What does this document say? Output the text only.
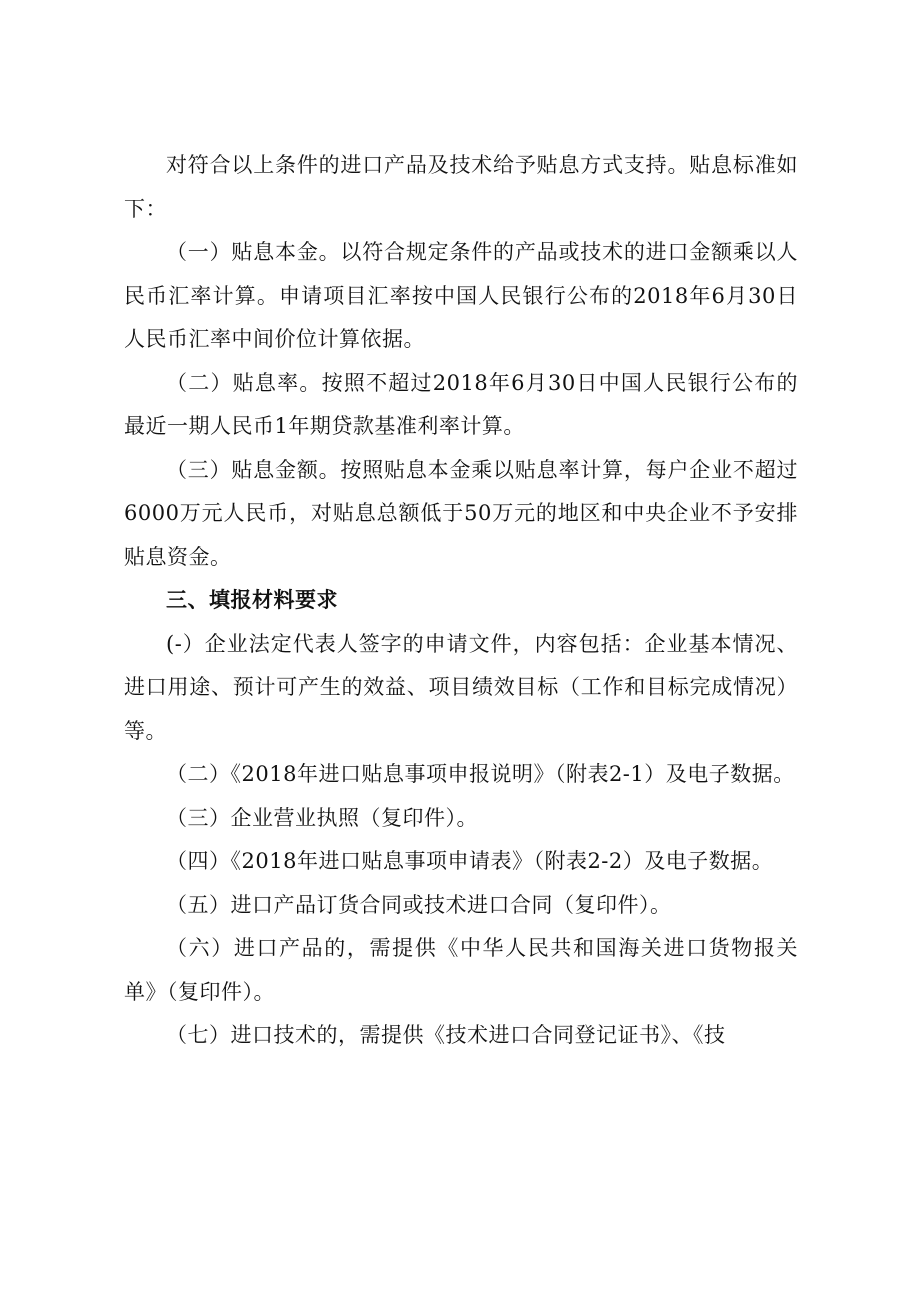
对符合以上条件的进口产品及技术给予贴息方式支持。贴息标准如下：

（一）贴息本金。以符合规定条件的产品或技术的进口金额乘以人民币汇率计算。申请项目汇率按中国人民银行公布的2018年6月30日人民币汇率中间价位计算依据。

（二）贴息率。按照不超过2018年6月30日中国人民银行公布的最近一期人民币1年期贷款基准利率计算。

（三）贴息金额。按照贴息本金乘以贴息率计算，每户企业不超过6000万元人民币，对贴息总额低于50万元的地区和中央企业不予安排贴息资金。

三、填报材料要求

(-）企业法定代表人签字的申请文件，内容包括：企业基本情况、进口用途、预计可产生的效益、项目绩效目标（工作和目标完成情况）等。

（二）《2018年进口贴息事项申报说明》（附表2-1）及电子数据。

（三）企业营业执照（复印件）。

（四）《2018年进口贴息事项申请表》（附表2-2）及电子数据。

（五）进口产品订货合同或技术进口合同（复印件）。

（六）进口产品的，需提供《中华人民共和国海关进口货物报关单》（复印件）。

（七）进口技术的，需提供《技术进口合同登记证书》、《技
